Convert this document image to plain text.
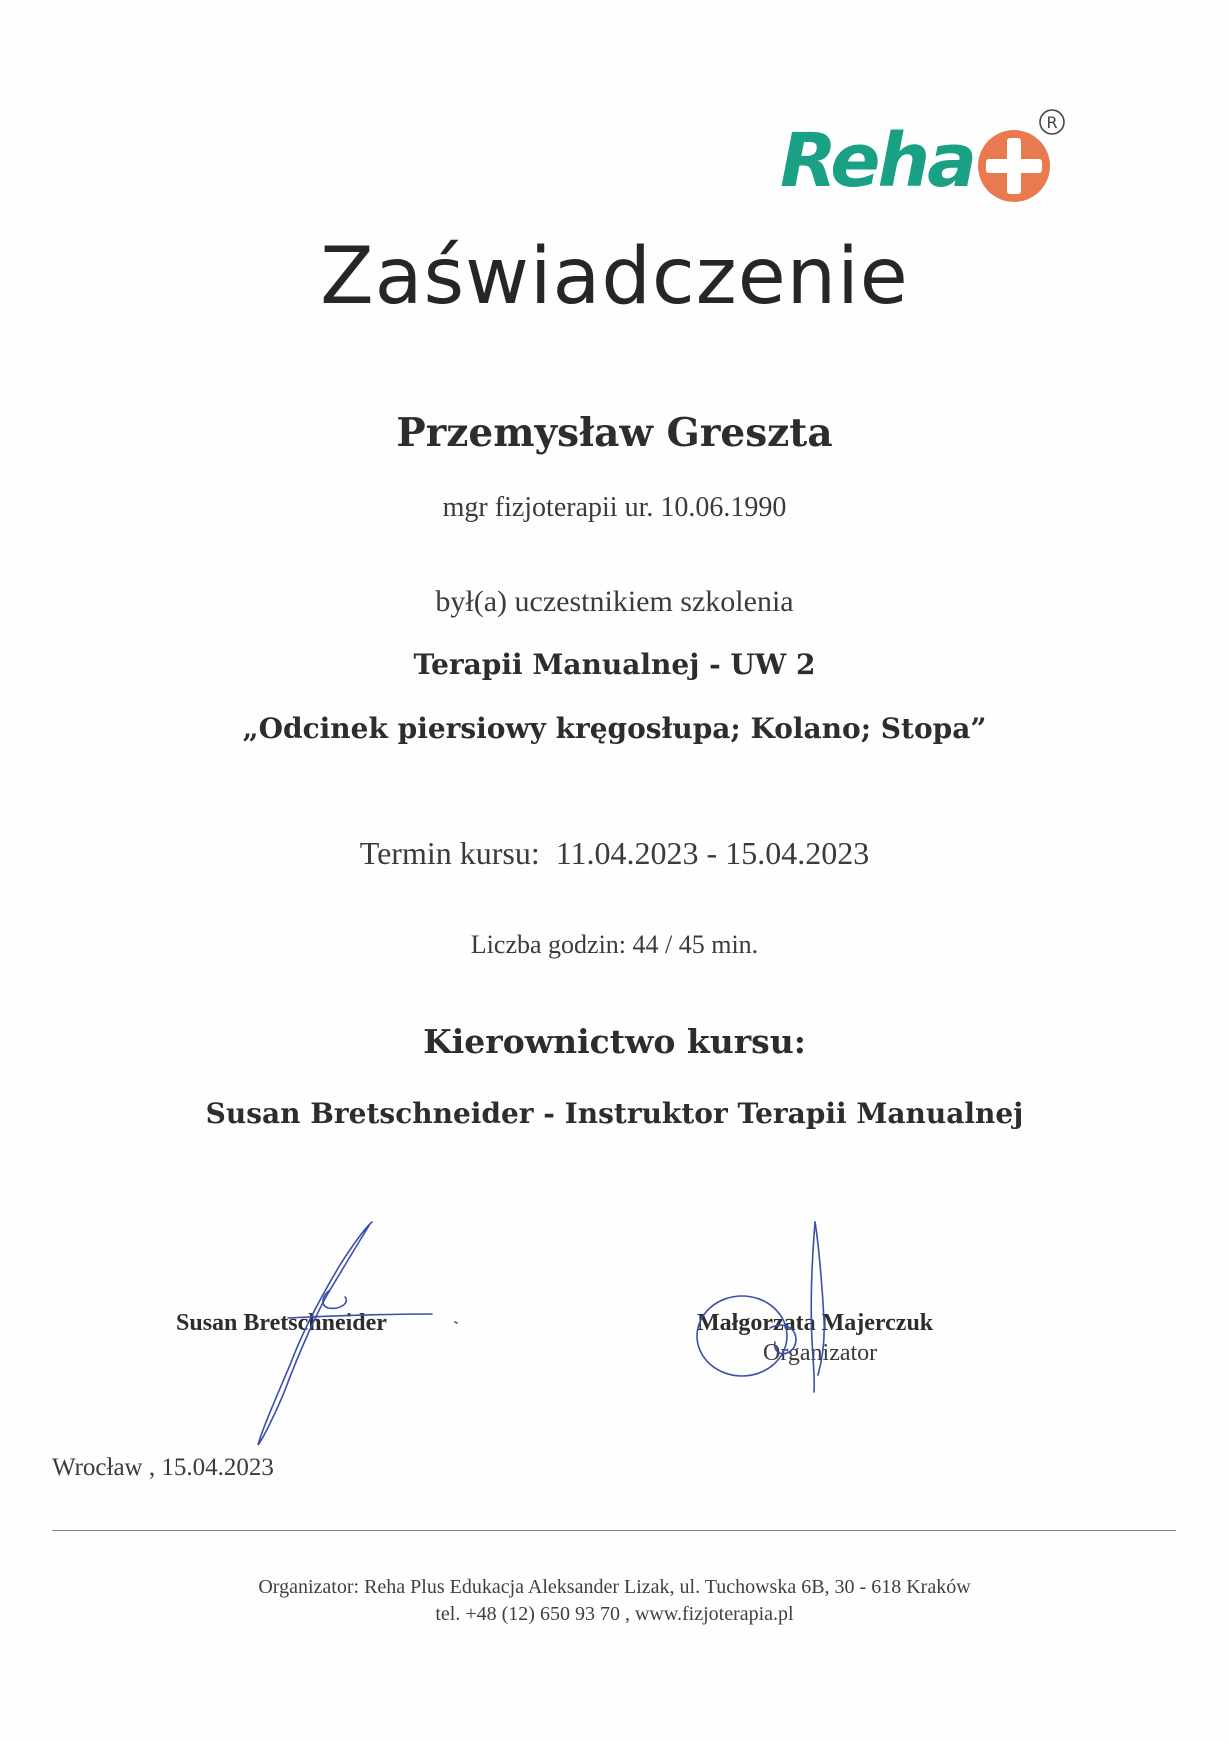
Reha	R
Zaświadczenie
Przemysław Greszta
mgr fizjoterapii ur. 10.06.1990
był(a) uczestnikiem szkolenia
Terapii Manualnej - UW 2
„Odcinek piersiowy kręgosłupa; Kolano; Stopa”
Termin kursu: 11.04.2023 - 15.04.2023
Liczba godzin: 44 / 45 min.
Kierownictwo kursu:
Susan Bretschneider - Instruktor Terapii Manualnej
Susan Bretschneider	Małgorzata Majerczuk
Organizator
Wrocław , 15.04.2023
Organizator: Reha Plus Edukacja Aleksander Lizak, ul. Tuchowska 6B, 30 - 618 Kraków
tel. +48 (12) 650 93 70 , www.fizjoterapia.pl
